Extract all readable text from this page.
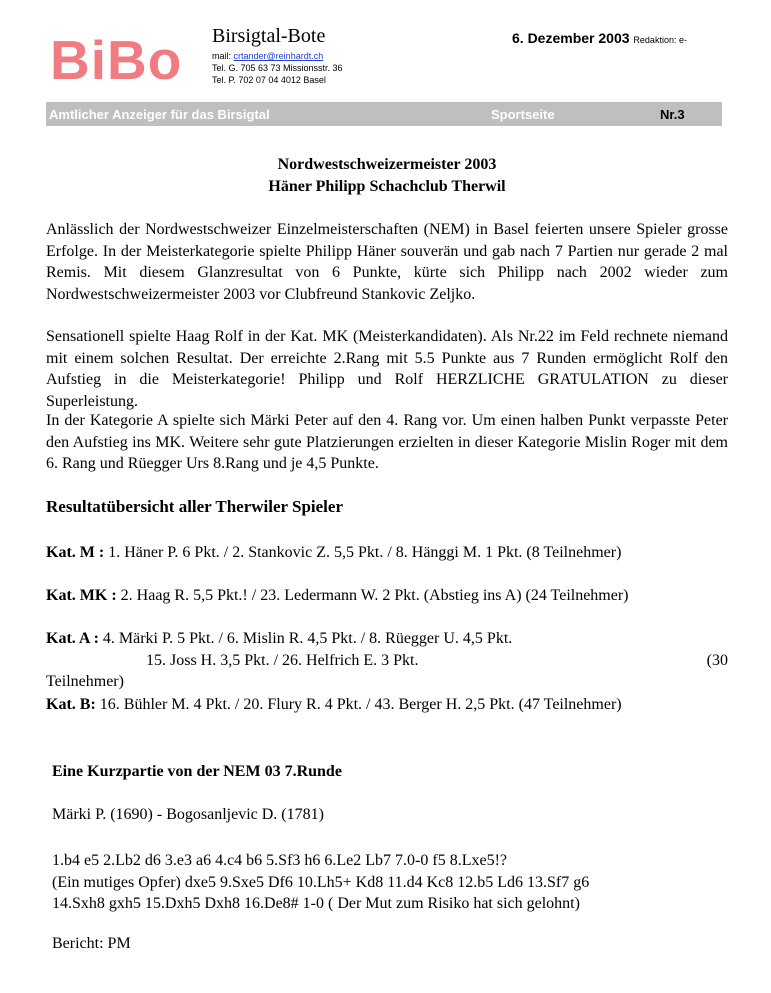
BiBo Birsigtal-Bote
mail: crtander@reinhardt.ch
Tel. G. 705 63 73 Missionsstr. 36
Tel. P. 702 07 04 4012 Basel
6. Dezember 2003 Redaktion: e-
Amtlicher Anzeiger für das Birsigtal	Sportseite	Nr.3
Nordwestschweizermeister 2003
Häner Philipp Schachclub Therwil

Anlässlich der Nordwestschweizer Einzelmeisterschaften (NEM) in Basel feierten unsere Spieler grosse Erfolge. In der Meisterkategorie spielte Philipp Häner souverän und gab nach 7 Partien nur gerade 2 mal Remis. Mit diesem Glanzresultat von 6 Punkte, kürte sich Philipp nach 2002 wieder zum Nordwestschweizermeister 2003 vor Clubfreund Stankovic Zeljko.

Sensationell spielte Haag Rolf in der Kat. MK (Meisterkandidaten). Als Nr.22 im Feld rechnete niemand mit einem solchen Resultat. Der erreichte 2.Rang mit 5.5 Punkte aus 7 Runden ermöglicht Rolf den Aufstieg in die Meisterkategorie! Philipp und Rolf HERZLICHE GRATULATION zu dieser Superleistung.

In der Kategorie A spielte sich Märki Peter auf den 4. Rang vor. Um einen halben Punkt verpasste Peter den Aufstieg ins MK. Weitere sehr gute Platzierungen erzielten in dieser Kategorie Mislin Roger mit dem 6. Rang und Rüegger Urs 8.Rang und je 4,5 Punkte.

Resultatübersicht aller Therwiler Spieler

Kat. M : 1. Häner P. 6 Pkt. / 2. Stankovic Z. 5,5 Pkt. / 8. Hänggi M. 1 Pkt. (8 Teilnehmer)

Kat. MK : 2. Haag R. 5,5 Pkt.! / 23. Ledermann W. 2 Pkt. (Abstieg ins A) (24 Teilnehmer)

Kat. A : 4. Märki P. 5 Pkt. / 6. Mislin R. 4,5 Pkt. / 8. Rüegger U. 4,5 Pkt.
15. Joss H. 3,5 Pkt. / 26. Helfrich E. 3 Pkt.	(30
Teilnehmer)

Kat. B: 16. Bühler M. 4 Pkt. / 20. Flury R. 4 Pkt. / 43. Berger H. 2,5 Pkt. (47 Teilnehmer)

Eine Kurzpartie von der NEM 03 7.Runde
Märki P. (1690) - Bogosanljevic D. (1781)
1.b4 e5 2.Lb2 d6 3.e3 a6 4.c4 b6 5.Sf3 h6 6.Le2 Lb7 7.0-0 f5 8.Lxe5!?
(Ein mutiges Opfer) dxe5 9.Sxe5 Df6 10.Lh5+ Kd8 11.d4 Kc8 12.b5 Ld6 13.Sf7 g6
14.Sxh8 gxh5 15.Dxh5 Dxh8 16.De8# 1-0 ( Der Mut zum Risiko hat sich gelohnt)
Bericht: PM
